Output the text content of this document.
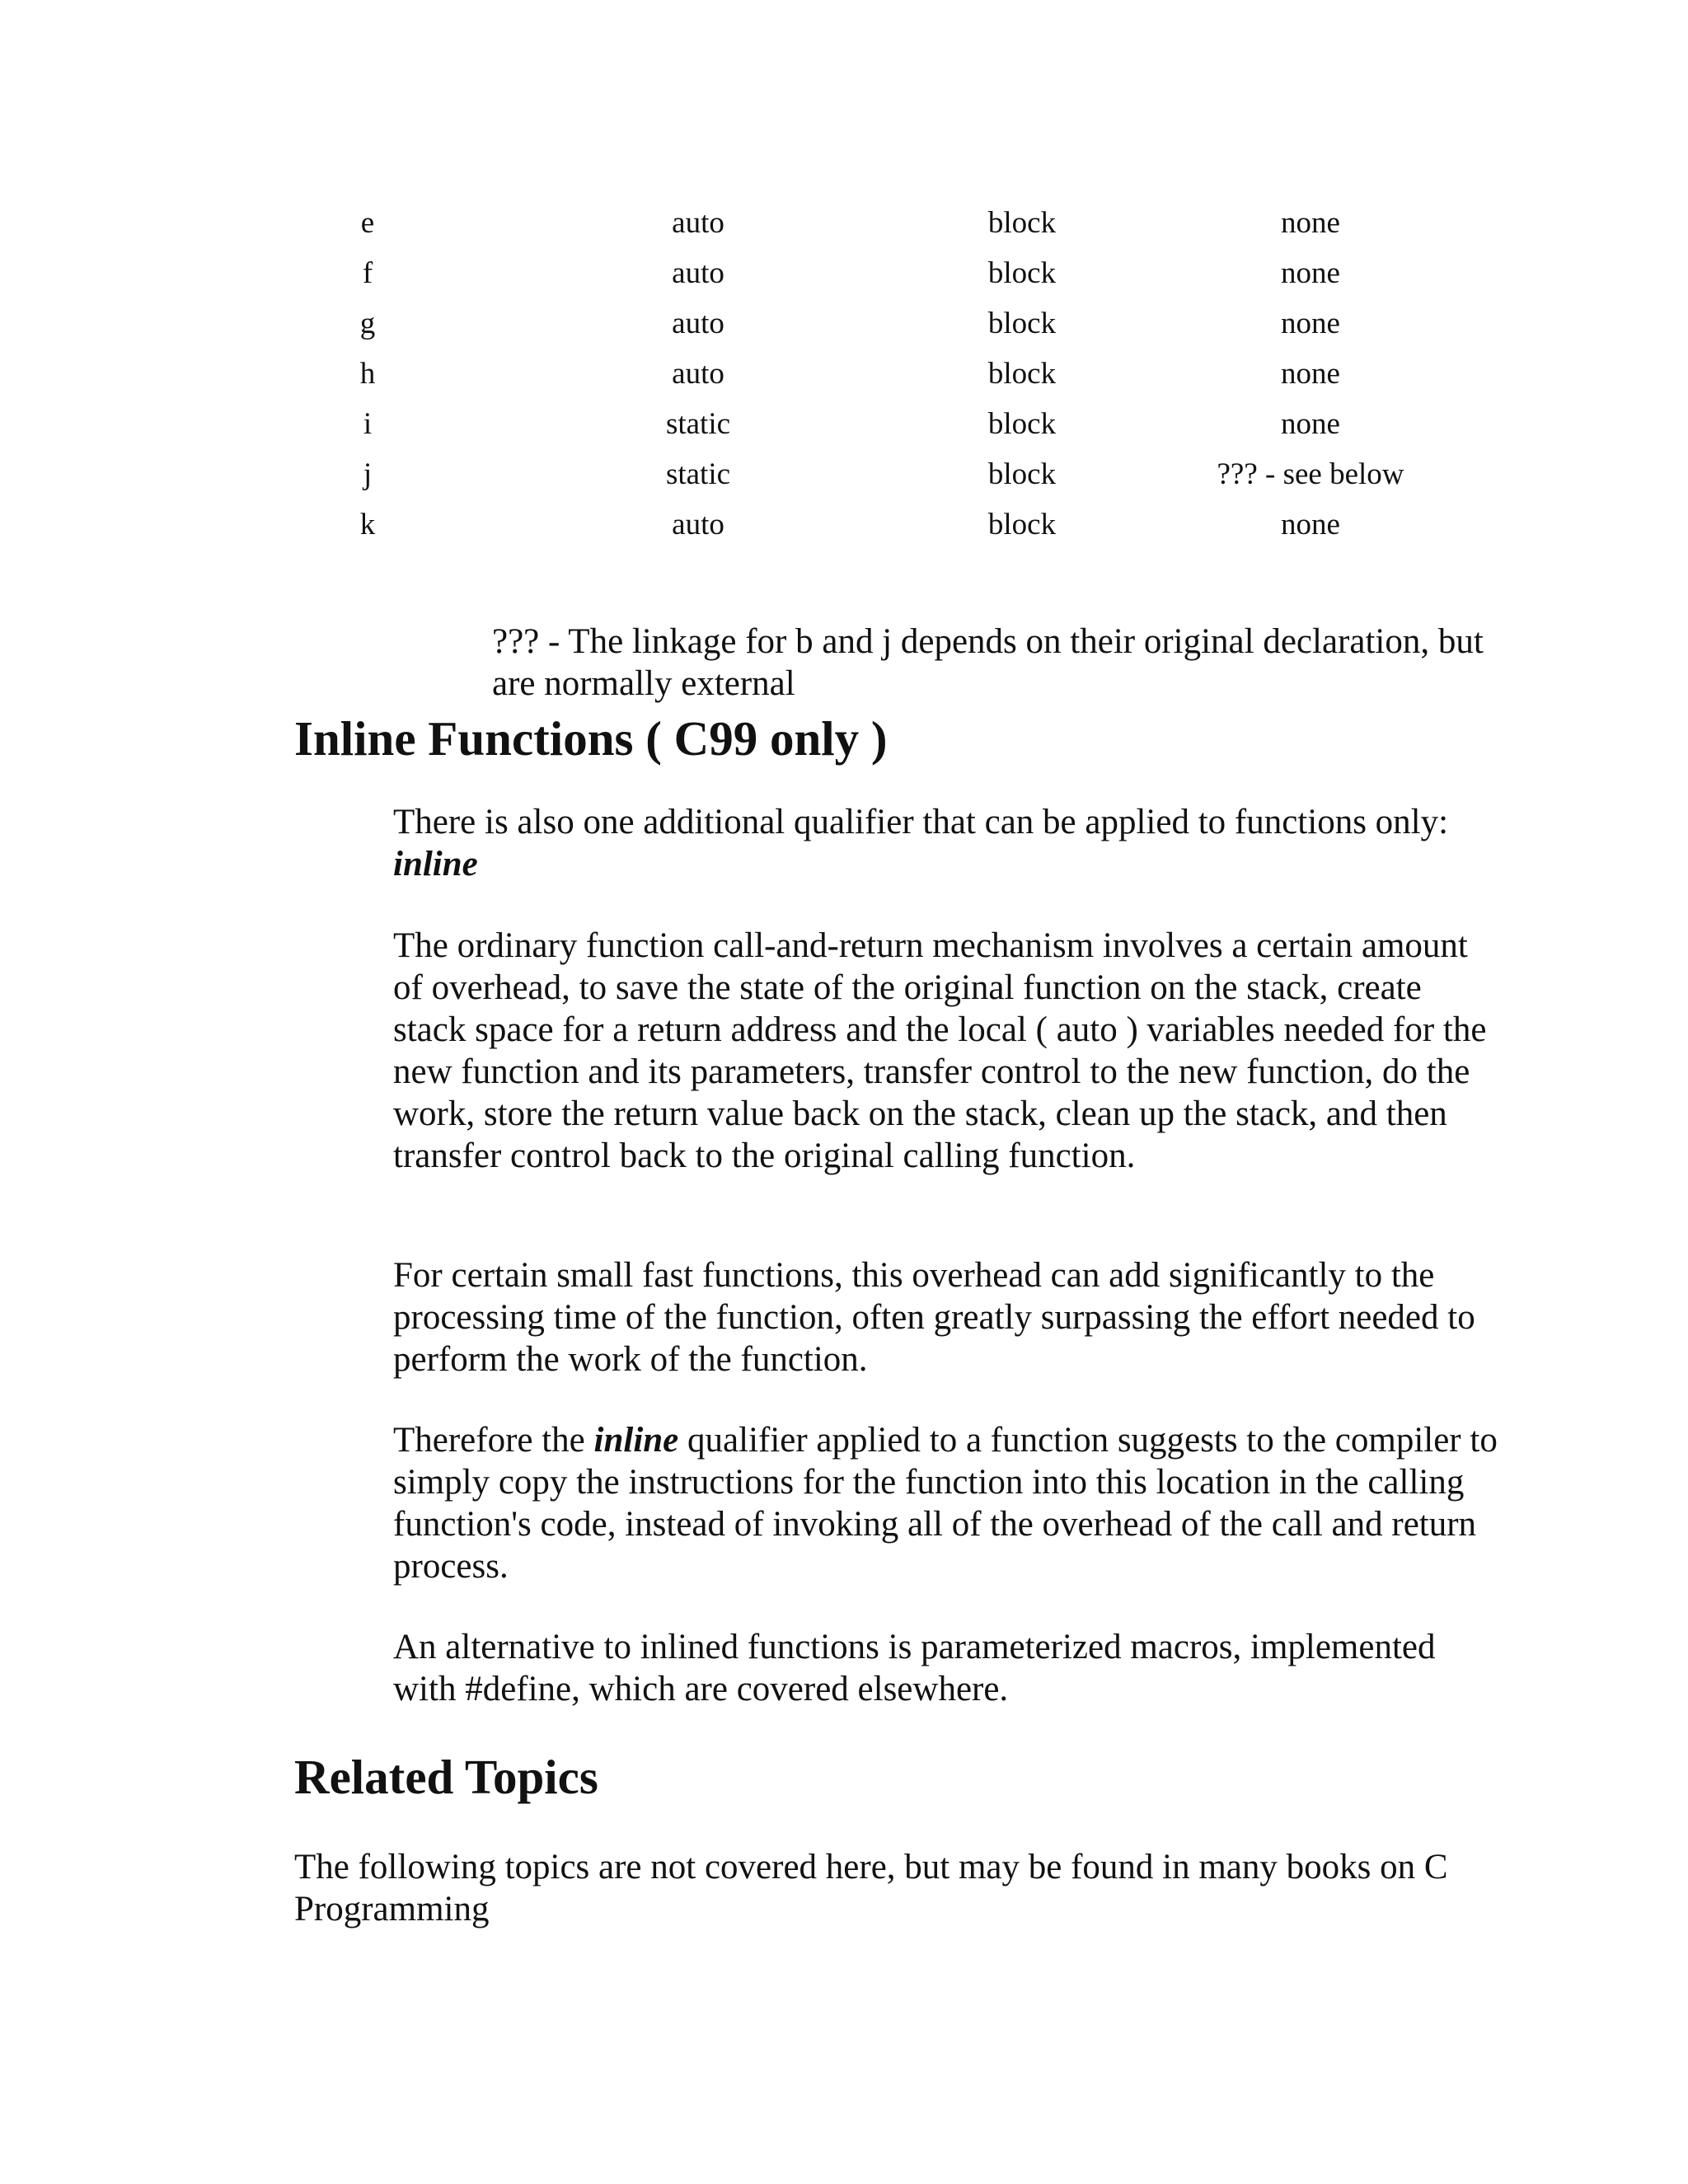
e	auto	block	none
f	auto	block	none
g	auto	block	none
h	auto	block	none
i	static	block	none
j	static	block	??? - see below
k	auto	block	none

??? - The linkage for b and j depends on their original declaration, but are normally external

Inline Functions ( C99 only )

There is also one additional qualifier that can be applied to functions only: inline

The ordinary function call-and-return mechanism involves a certain amount of overhead, to save the state of the original function on the stack, create stack space for a return address and the local ( auto ) variables needed for the new function and its parameters, transfer control to the new function, do the work, store the return value back on the stack, clean up the stack, and then transfer control back to the original calling function.

For certain small fast functions, this overhead can add significantly to the processing time of the function, often greatly surpassing the effort needed to perform the work of the function.

Therefore the inline qualifier applied to a function suggests to the compiler to simply copy the instructions for the function into this location in the calling function's code, instead of invoking all of the overhead of the call and return process.

An alternative to inlined functions is parameterized macros, implemented with #define, which are covered elsewhere.

Related Topics

The following topics are not covered here, but may be found in many books on C Programming
